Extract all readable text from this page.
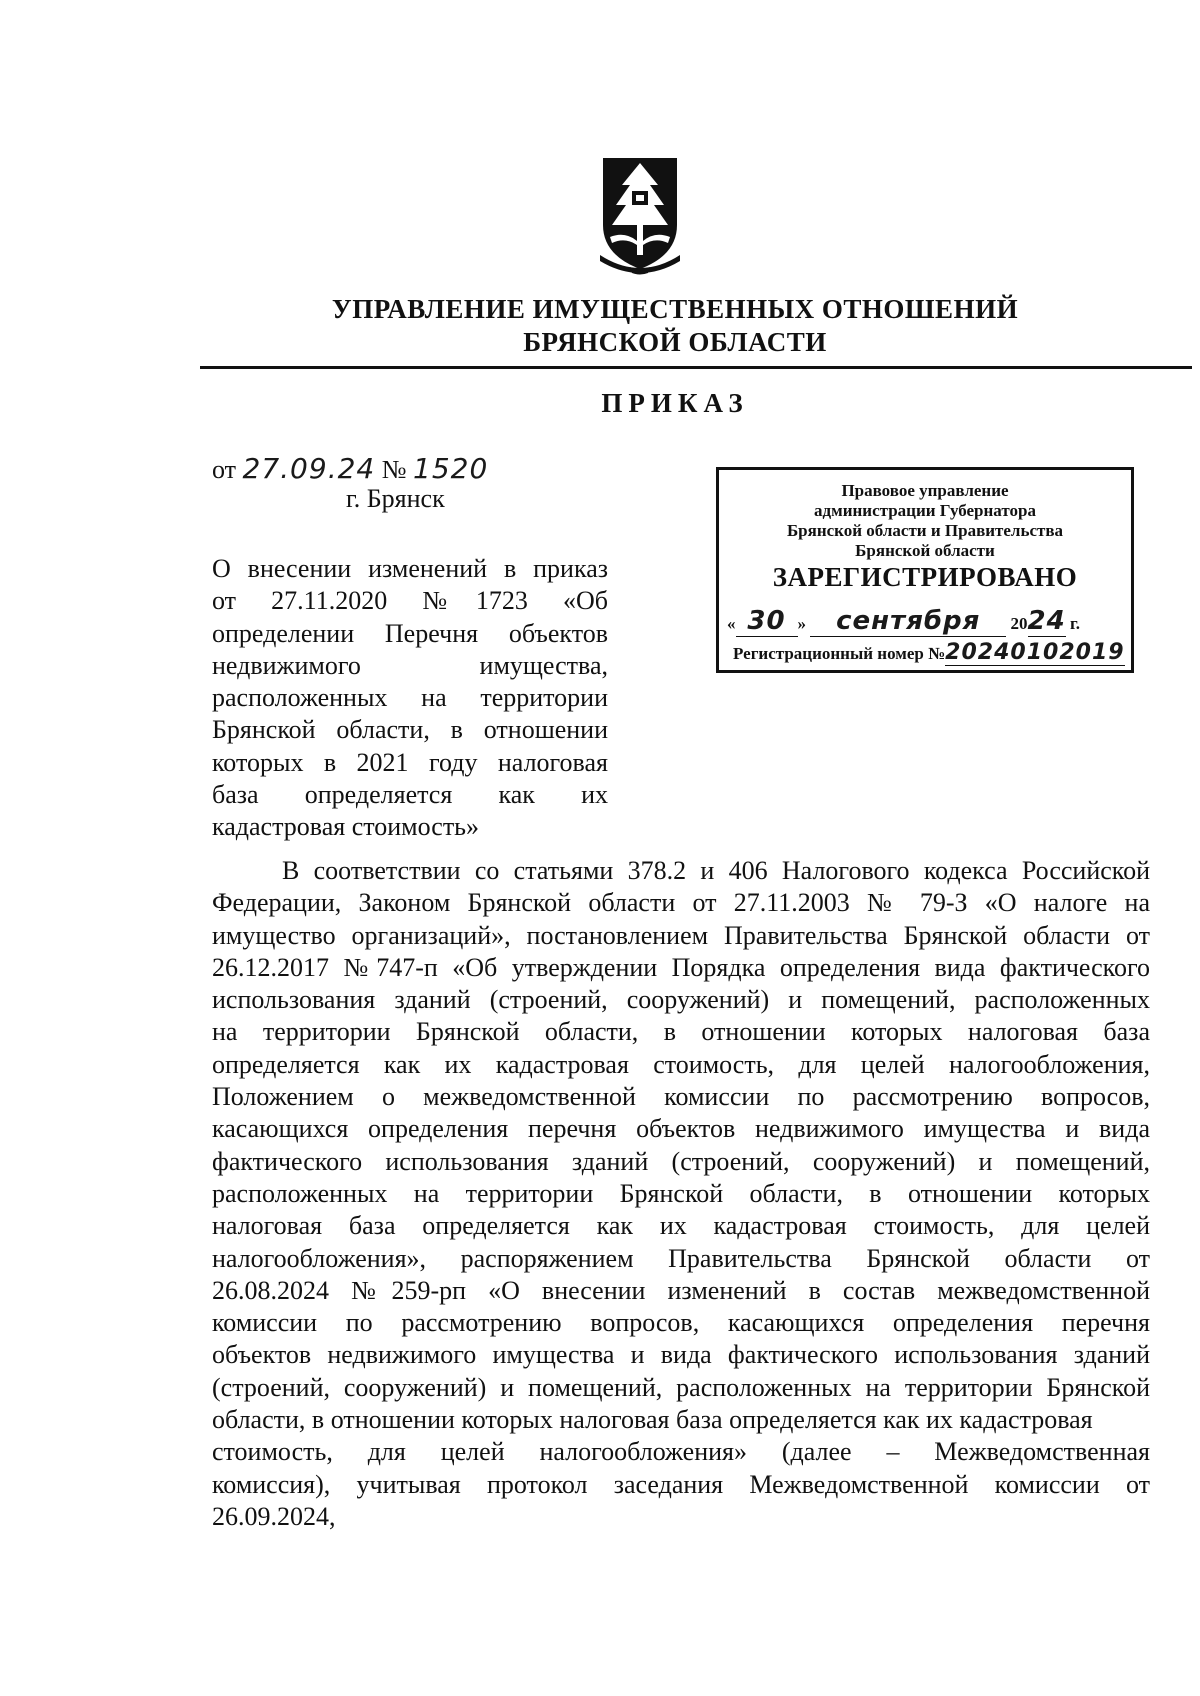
УПРАВЛЕНИЕ ИМУЩЕСТВЕННЫХ ОТНОШЕНИЙ
БРЯНСКОЙ ОБЛАСТИ
ПРИКАЗ
от 27.09.24 № 1520
г. Брянск	Правовое управление
администрации Губернатора
Брянской области и Правительства
Брянской области
ЗАРЕГИСТРИРОВАНО
« 30 » сентября 2024 г.
Регистрационный номер №20240102019
О внесении изменений в приказ
от 27.11.2020 №1723 «Об
определении Перечня объектов
недвижимого имущества,
расположенных на территории
Брянской области, в отношении
которых в 2021 году налоговая
база определяется как их
кадастровая стоимость»
В соответствии со статьями 378.2 и 406 Налогового кодекса Российской
Федерации, Законом Брянской области от 27.11.2003 № 79-З «О налоге на
имущество организаций», постановлением Правительства Брянской области от
26.12.2017 №747-п «Об утверждении Порядка определения вида фактического
использования зданий (строений, сооружений) и помещений, расположенных
на территории Брянской области, в отношении которых налоговая база
определяется как их кадастровая стоимость, для целей налогообложения,
Положением о межведомственной комиссии по рассмотрению вопросов,
касающихся определения перечня объектов недвижимого имущества и вида
фактического использования зданий (строений, сооружений) и помещений,
расположенных на территории Брянской области, в отношении которых
налоговая база определяется как их кадастровая стоимость, для целей
налогообложения», распоряжением Правительства Брянской области от
26.08.2024 №259-рп «О внесении изменений в состав межведомственной
комиссии по рассмотрению вопросов, касающихся определения перечня
объектов недвижимого имущества и вида фактического использования зданий
(строений, сооружений) и помещений, расположенных на территории Брянской
области, в отношении которых налоговая база определяется как их кадастровая
стоимость, для целей налогообложения» (далее – Межведомственная
комиссия), учитывая протокол заседания Межведомственной комиссии от
26.09.2024,
